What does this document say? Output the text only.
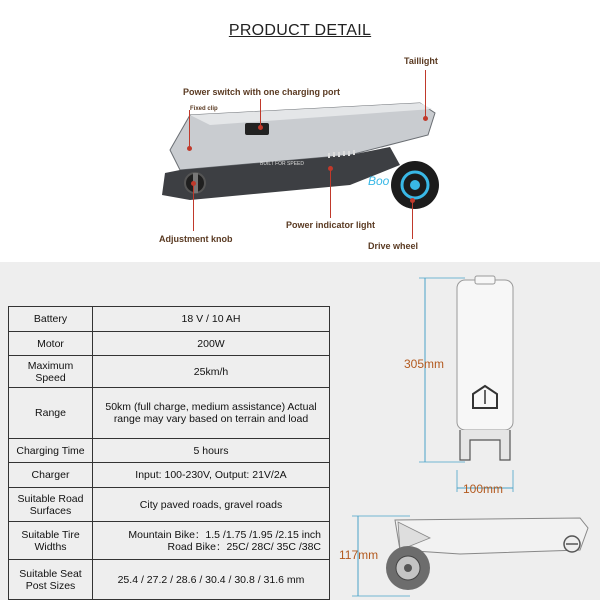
PRODUCT DETAIL
Boo
BUILT FOR SPEED
Taillight
Power switch with one charging port
Fixed clip
Adjustment knob
Power indicator light
Drive wheel
Battery	18 V / 10 AH
Motor	200W
Maximum Speed	25km/h
Range	50km (full charge, medium assistance) Actual range may vary based on terrain and load
Charging Time	5 hours
Charger	Input: 100-230V, Output: 21V/2A
Suitable Road Surfaces	City paved roads, gravel roads
Suitable Tire Widths	Mountain Bike：1.5 /1.75 /1.95 /2.15 inch
Road Bike：25C/ 28C/ 35C /38C

Suitable Seat Post Sizes	25.4 / 27.2 / 28.6 / 30.4 / 30.8 / 31.6 mm
305mm
100mm
117mm
